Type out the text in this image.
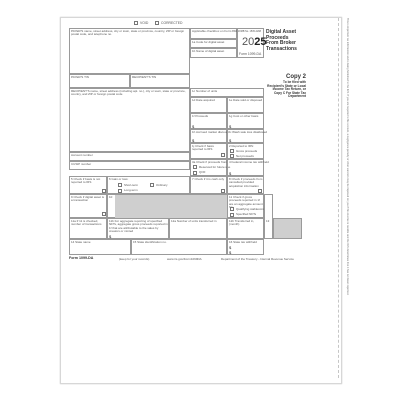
VOID	CORRECTED
PAYER'S name, street address, city or town, state or province, country, ZIP or foreign postal code, and telephone no.
Applicable checkbox on Form 8949 OMB No. 1545-2298
2025
Form 1099-DA
Digital Asset Proceeds From Broker Transactions
1a Code for digital asset
1b Name of digital asset
Copy 2
To be filed with Recipient's State or Local Income Tax Return, or Copy C For State Tax Department
PAYER'S TIN	RECIPIENT'S TIN
RECIPIENT'S name, street address (including apt. no.), city or town, state or province, country, and ZIP or foreign postal code
Account number
CUSIP number
1c Number of units
1d Date acquired	1e Date sold or disposed
1f Proceeds
$
1g Cost or other basis
$
1h Accrued market discount
$
1i Wash sale loss disallowed
$
1j Check if basis reported to IRS
2 Reported to IRS:
Gross proceeds
Net proceeds
3a Check if proceeds from:
Reserved for future use
QOF
4 Federal income tax withheld
$
5 Check if basis is not reported to IRS
6 Gain or loss:
Short-term
Long-term
Ordinary
7 Check if it is cash only	8 Check if proceeds from cancelled provided acquisition information
9 Check if digital asset is a transaction
10	11 Check if gross proceeds reported in 1f are an aggregate amount
Qualifying stablecoins
Specified NFTs
11a If 11 is checked, number of transactions
11b For aggregate reporting of specified NFTs, aggregate gross proceeds reported in 1f that are attributable to the sales by creators or minted
$
12a Number of units transferred in	12b Transferred in, (month)
13
14 State name	15 State identification no.	16 State tax withheld
$
$
Form 1099-DA	(keep for your records)	www.irs.gov/Form1099DA	Department of the Treasury - Internal Revenue Service	This is important tax information and is being furnished to the IRS. If you are required to file a return, a negligence penalty or other sanction may be imposed on you if this income is taxable and the IRS determines that it has not been reported.
